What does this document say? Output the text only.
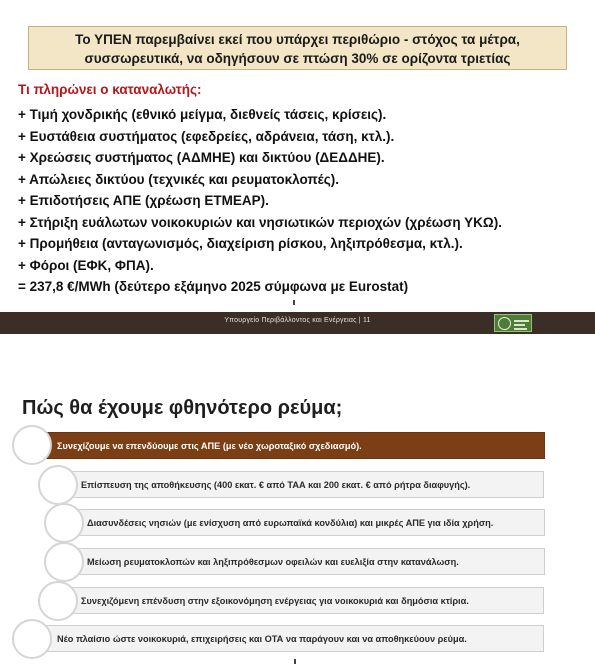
Το ΥΠΕΝ παρεμβαίνει εκεί που υπάρχει περιθώριο - στόχος τα μέτρα,
συσσωρευτικά, να οδηγήσουν σε πτώση 30% σε ορίζοντα τριετίας
Τι πληρώνει ο καταναλωτής:
+ Τιμή χονδρικής (εθνικό μείγμα, διεθνείς τάσεις, κρίσεις).
+ Ευστάθεια συστήματος (εφεδρείες, αδράνεια, τάση, κτλ.).
+ Χρεώσεις συστήματος (ΑΔΜΗΕ) και δικτύου (ΔΕΔΔΗΕ).
+ Απώλειες δικτύου (τεχνικές και ρευματοκλοπές).
+ Επιδοτήσεις ΑΠΕ (χρέωση ΕΤΜΕΑΡ).
+ Στήριξη ευάλωτων νοικοκυριών και νησιωτικών περιοχών (χρέωση ΥΚΩ).
+ Προμήθεια (ανταγωνισμός, διαχείριση ρίσκου, ληξιπρόθεσμα, κτλ.).
+ Φόροι (ΕΦΚ, ΦΠΑ).
= 237,8 €/MWh (δεύτερο εξάμηνο 2025 σύμφωνα με Eurostat)
Υπουργείο Περιβάλλοντος και Ενέργειας | 11
Πώς θα έχουμε φθηνότερο ρεύμα;
Συνεχίζουμε να επενδύουμε στις ΑΠΕ (με νέο χωροταξικό σχεδιασμό).
Επίσπευση της αποθήκευσης (400 εκατ. € από ΤΑΑ και 200 εκατ. € από ρήτρα διαφυγής).
Διασυνδέσεις νησιών (με ενίσχυση από ευρωπαϊκά κονδύλια) και μικρές ΑΠΕ για ιδία χρήση.
Μείωση ρευματοκλοπών και ληξιπρόθεσμων οφειλών και ευελιξία στην κατανάλωση.
Συνεχιζόμενη επένδυση στην εξοικονόμηση ενέργειας για νοικοκυριά και δημόσια κτίρια.
Νέο πλαίσιο ώστε νοικοκυριά, επιχειρήσεις και ΟΤΑ να παράγουν και να αποθηκεύουν ρεύμα.
